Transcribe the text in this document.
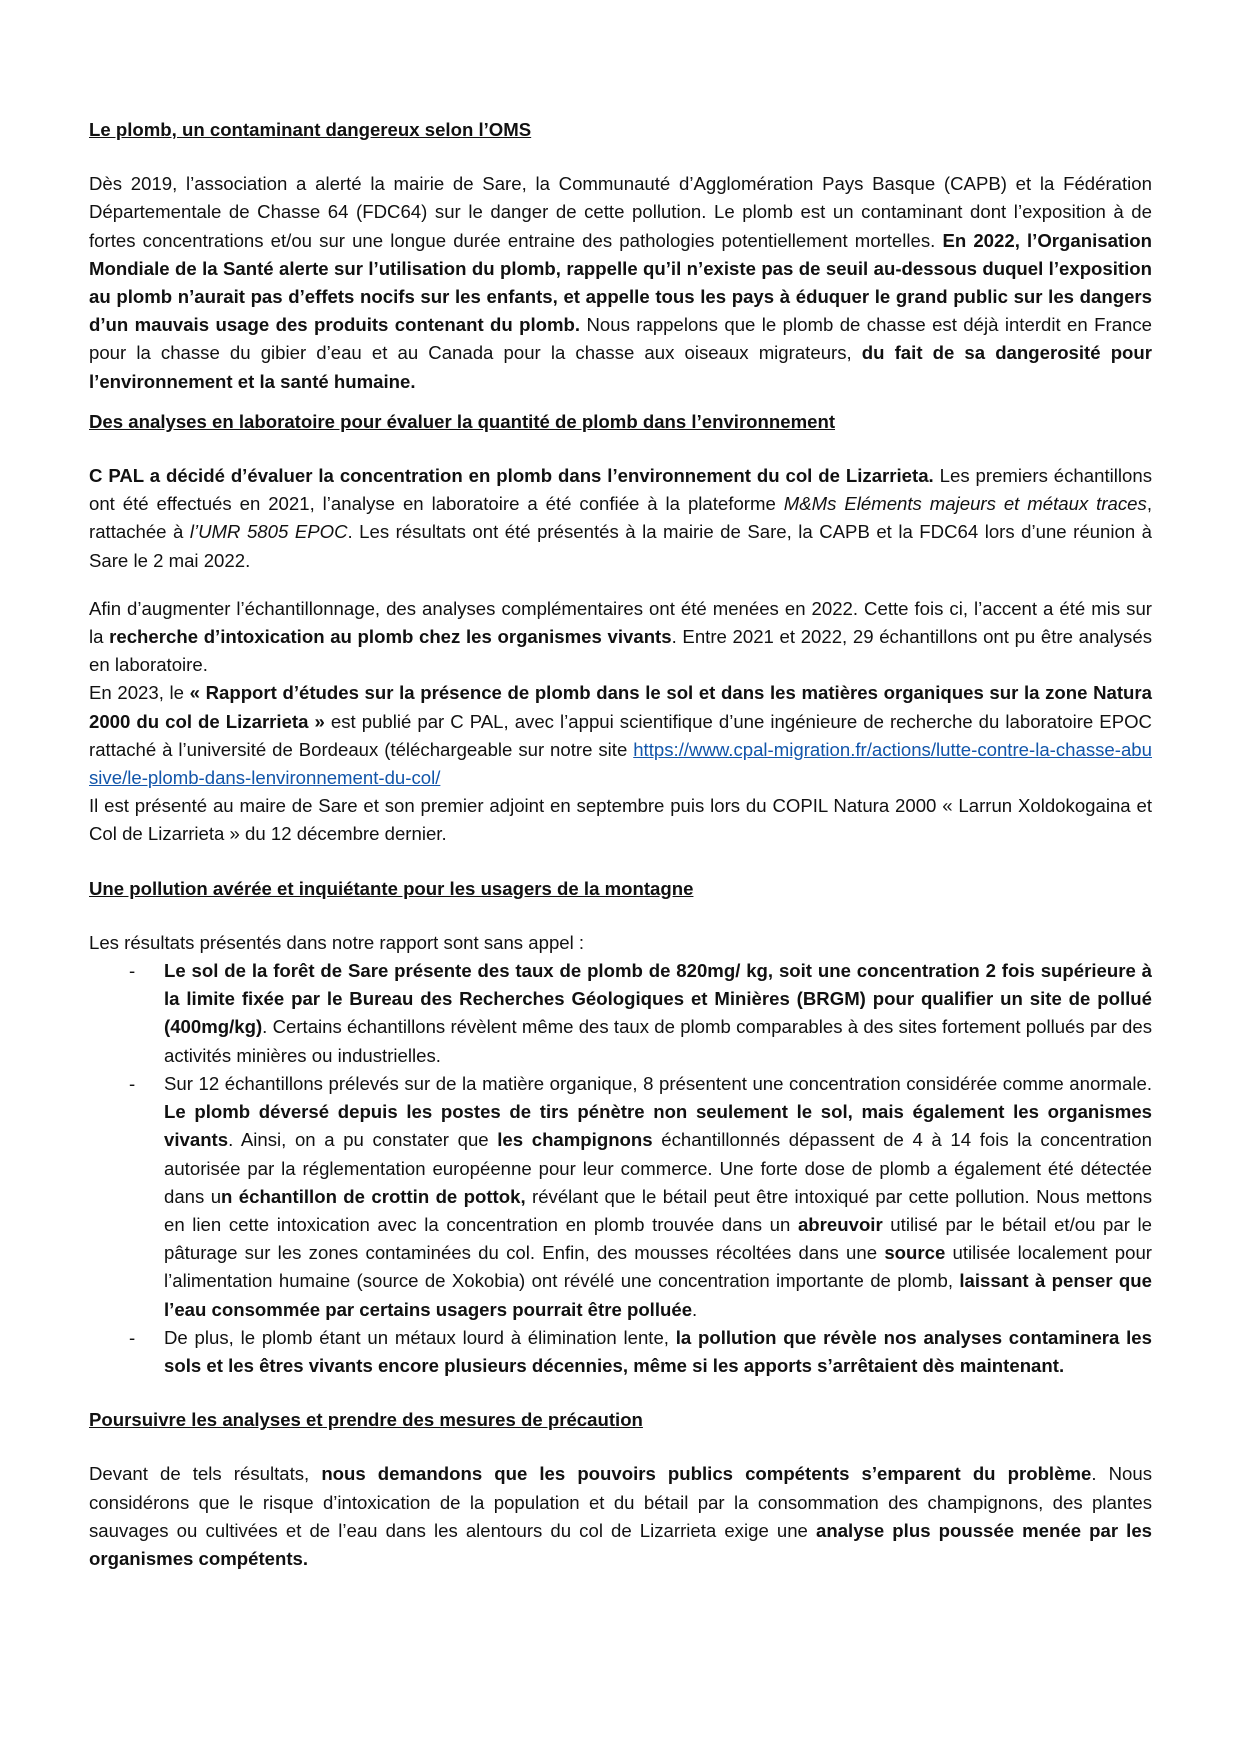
Le plomb, un contaminant dangereux selon l’OMS

Dès 2019, l’association a alerté la mairie de Sare, la Communauté d’Agglomération Pays Basque (CAPB) et la Fédération Départementale de Chasse 64 (FDC64) sur le danger de cette pollution. Le plomb est un contaminant dont l’exposition à de fortes concentrations et/ou sur une longue durée entraine des pathologies potentiellement mortelles. En 2022, l’Organisation Mondiale de la Santé alerte sur l’utilisation du plomb, rappelle qu’il n’existe pas de seuil au-dessous duquel l’exposition au plomb n’aurait pas d’effets nocifs sur les enfants, et appelle tous les pays à éduquer le grand public sur les dangers d’un mauvais usage des produits contenant du plomb. Nous rappelons que le plomb de chasse est déjà interdit en France pour la chasse du gibier d’eau et au Canada pour la chasse aux oiseaux migrateurs, du fait de sa dangerosité pour l’environnement et la santé humaine.

Des analyses en laboratoire pour évaluer la quantité de plomb dans l’environnement

C PAL a décidé d’évaluer la concentration en plomb dans l’environnement du col de Lizarrieta. Les premiers échantillons ont été effectués en 2021, l’analyse en laboratoire a été confiée à la plateforme M&Ms Eléments majeurs et métaux traces, rattachée à l’UMR 5805 EPOC. Les résultats ont été présentés à la mairie de Sare, la CAPB et la FDC64 lors d’une réunion à Sare le 2 mai 2022.

Afin d’augmenter l’échantillonnage, des analyses complémentaires ont été menées en 2022. Cette fois ci, l’accent a été mis sur la recherche d’intoxication au plomb chez les organismes vivants. Entre 2021 et 2022, 29 échantillons ont pu être analysés en laboratoire.

En 2023, le « Rapport d’études sur la présence de plomb dans le sol et dans les matières organiques sur la zone Natura 2000 du col de Lizarrieta » est publié par C PAL, avec l’appui scientifique d’une ingénieure de recherche du laboratoire EPOC rattaché à l’université de Bordeaux (téléchargeable sur notre site https://www.cpal-migration.fr/actions/lutte-contre-la-chasse-abusive/le-plomb-dans-lenvironnement-du-col/

Il est présenté au maire de Sare et son premier adjoint en septembre puis lors du COPIL Natura 2000 « Larrun Xoldokogaina et Col de Lizarrieta » du 12 décembre dernier.

Une pollution avérée et inquiétante pour les usagers de la montagne

Les résultats présentés dans notre rapport sont sans appel :

- Le sol de la forêt de Sare présente des taux de plomb de 820mg/ kg, soit une concentration 2 fois supérieure à la limite fixée par le Bureau des Recherches Géologiques et Minières (BRGM) pour qualifier un site de pollué (400mg/kg). Certains échantillons révèlent même des taux de plomb comparables à des sites fortement pollués par des activités minières ou industrielles.
- Sur 12 échantillons prélevés sur de la matière organique, 8 présentent une concentration considérée comme anormale. Le plomb déversé depuis les postes de tirs pénètre non seulement le sol, mais également les organismes vivants. Ainsi, on a pu constater que les champignons échantillonnés dépassent de 4 à 14 fois la concentration autorisée par la réglementation européenne pour leur commerce. Une forte dose de plomb a également été détectée dans un échantillon de crottin de pottok, révélant que le bétail peut être intoxiqué par cette pollution. Nous mettons en lien cette intoxication avec la concentration en plomb trouvée dans un abreuvoir utilisé par le bétail et/ou par le pâturage sur les zones contaminées du col. Enfin, des mousses récoltées dans une source utilisée localement pour l’alimentation humaine (source de Xokobia) ont révélé une concentration importante de plomb, laissant à penser que l’eau consommée par certains usagers pourrait être polluée.
- De plus, le plomb étant un métaux lourd à élimination lente, la pollution que révèle nos analyses contaminera les sols et les êtres vivants encore plusieurs décennies, même si les apports s’arrêtaient dès maintenant.
Poursuivre les analyses et prendre des mesures de précaution

Devant de tels résultats, nous demandons que les pouvoirs publics compétents s’emparent du problème. Nous considérons que le risque d’intoxication de la population et du bétail par la consommation des champignons, des plantes sauvages ou cultivées et de l’eau dans les alentours du col de Lizarrieta exige une analyse plus poussée menée par les organismes compétents.
